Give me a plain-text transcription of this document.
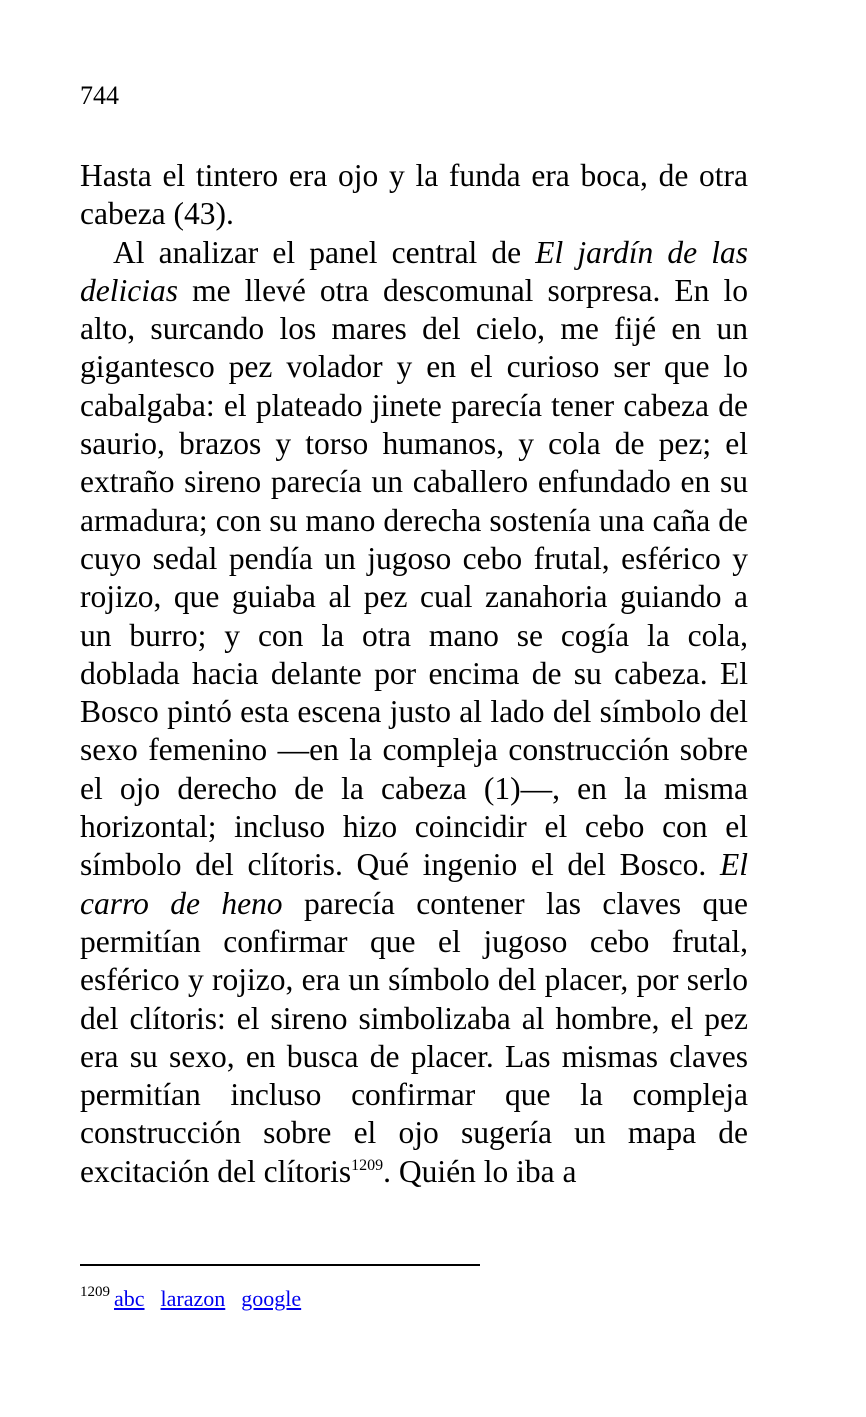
744

Hasta el tintero era ojo y la funda era boca, de otra cabeza (43).

Al analizar el panel central de El jardín de las delicias me llevé otra descomunal sorpresa. En lo alto, surcando los mares del cielo, me fijé en un gigantesco pez volador y en el curioso ser que lo cabalgaba: el plateado jinete parecía tener cabeza de saurio, brazos y torso humanos, y cola de pez; el extraño sireno parecía un caballero enfundado en su armadura; con su mano derecha sostenía una caña de cuyo sedal pendía un jugoso cebo frutal, esférico y rojizo, que guiaba al pez cual zanahoria guiando a un burro; y con la otra mano se cogía la cola, doblada hacia delante por encima de su cabeza. El Bosco pintó esta escena justo al lado del símbolo del sexo femenino —en la compleja construcción sobre el ojo derecho de la cabeza (1)—, en la misma horizontal; incluso hizo coincidir el cebo con el símbolo del clítoris. Qué ingenio el del Bosco. El carro de heno parecía contener las claves que permitían confirmar que el jugoso cebo frutal, esférico y rojizo, era un símbolo del placer, por serlo del clítoris: el sireno simbolizaba al hombre, el pez era su sexo, en busca de placer. Las mismas claves permitían incluso confirmar que la compleja construcción sobre el ojo sugería un mapa de excitación del clítoris$^{1209}$. Quién lo iba a

$^{1209}$ abc larazon google
